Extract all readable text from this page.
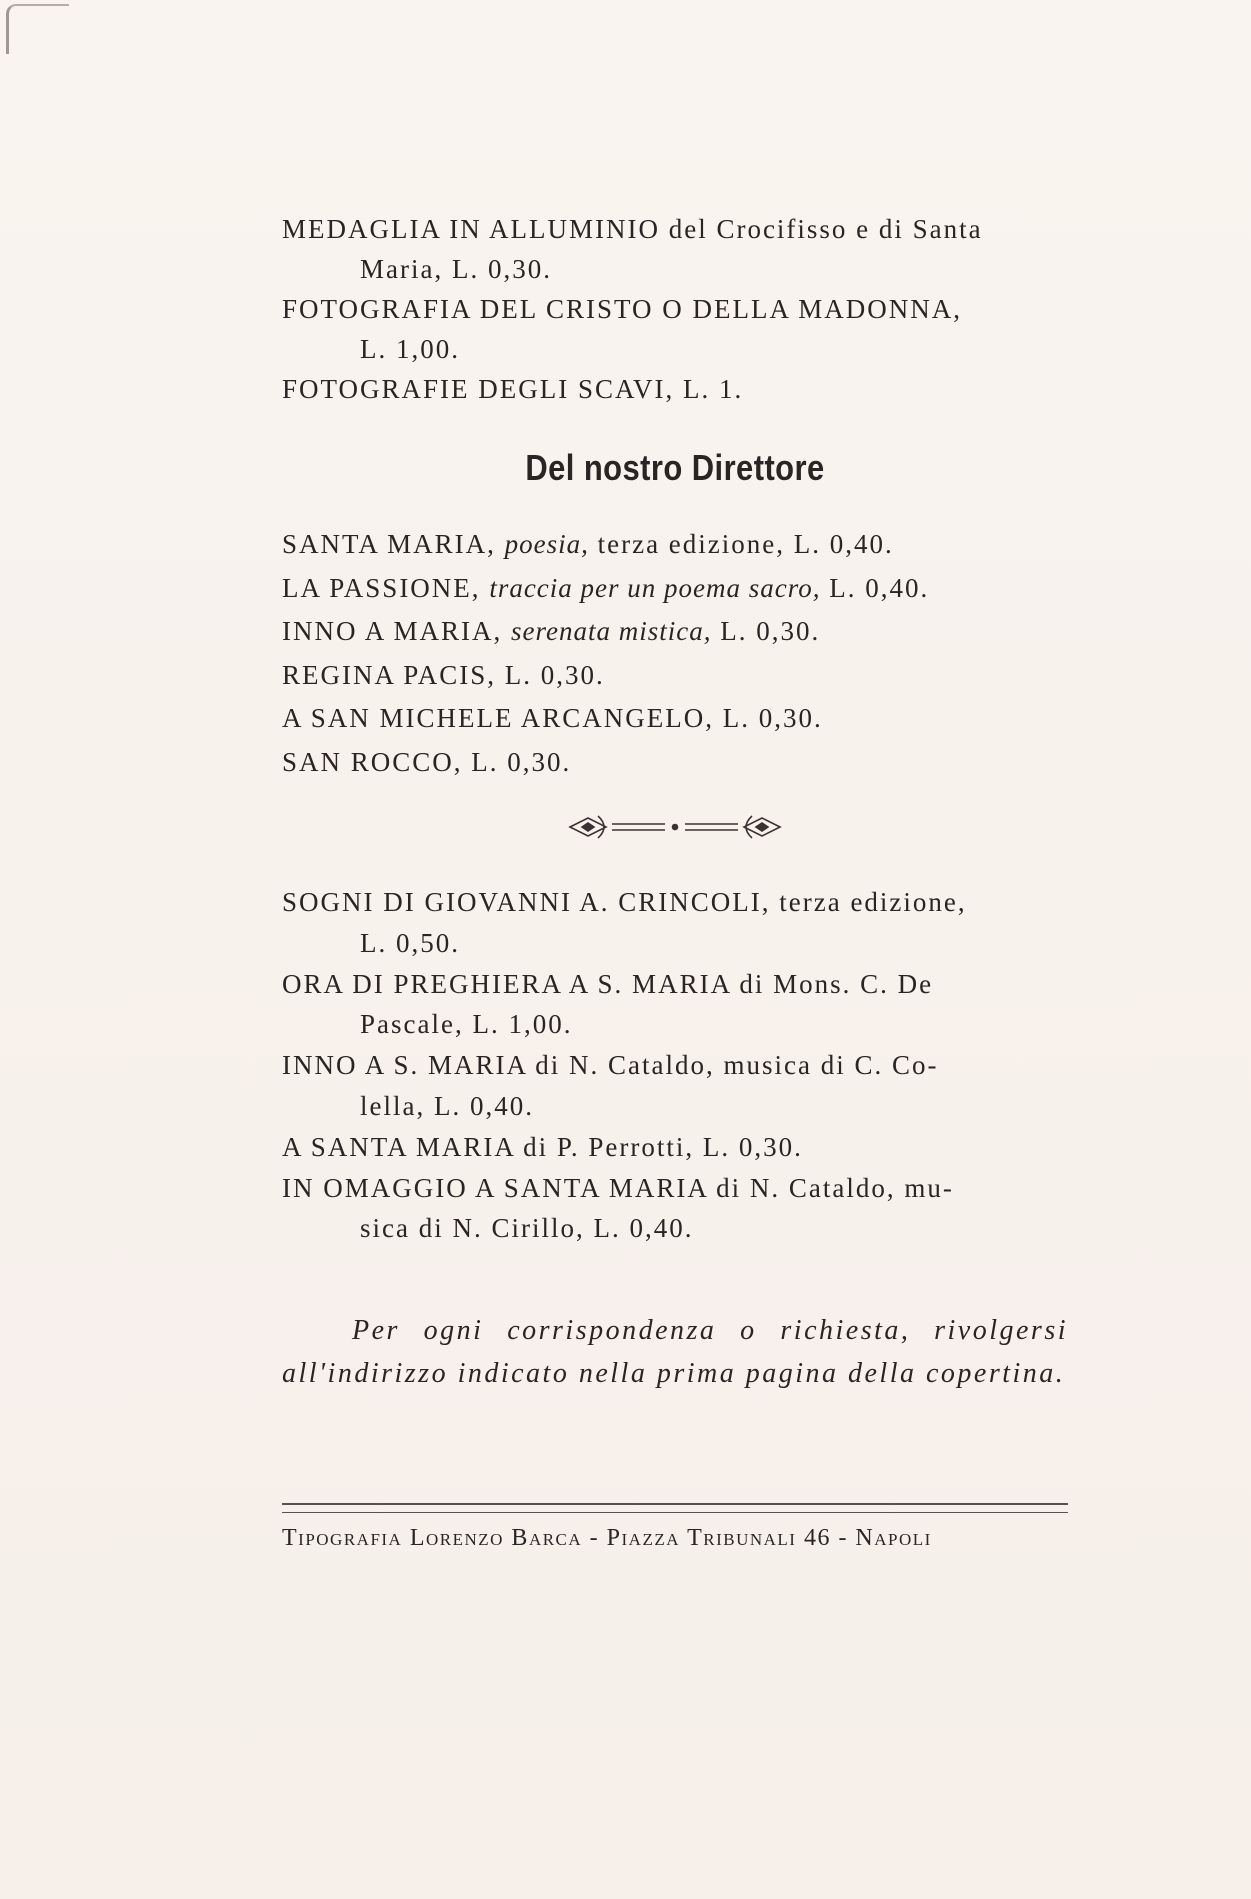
MEDAGLIA IN ALLUMINIO del Crocifisso e di Santa
Maria, L. 0,30.

FOTOGRAFIA DEL CRISTO O DELLA MADONNA,
L. 1,00.

FOTOGRAFIE DEGLI SCAVI, L. 1.

Del nostro Direttore

SANTA MARIA, poesia, terza edizione, L. 0,40.

LA PASSIONE, traccia per un poema sacro, L. 0,40.

INNO A MARIA, serenata mistica, L. 0,30.

REGINA PACIS, L. 0,30.

A SAN MICHELE ARCANGELO, L. 0,30.

SAN ROCCO, L. 0,30.

SOGNI DI GIOVANNI A. CRINCOLI, terza edizione,
L. 0,50.

ORA DI PREGHIERA A S. MARIA di Mons. C. De
Pascale, L. 1,00.

INNO A S. MARIA di N. Cataldo, musica di C. Co-
lella, L. 0,40.

A SANTA MARIA di P. Perrotti, L. 0,30.

IN OMAGGIO A SANTA MARIA di N. Cataldo, mu-
sica di N. Cirillo, L. 0,40.

Per ogni corrispondenza o richiesta, rivolgersi all'indirizzo indicato nella prima pagina della copertina.

Tipografia Lorenzo Barca - Piazza Tribunali 46 - Napoli
